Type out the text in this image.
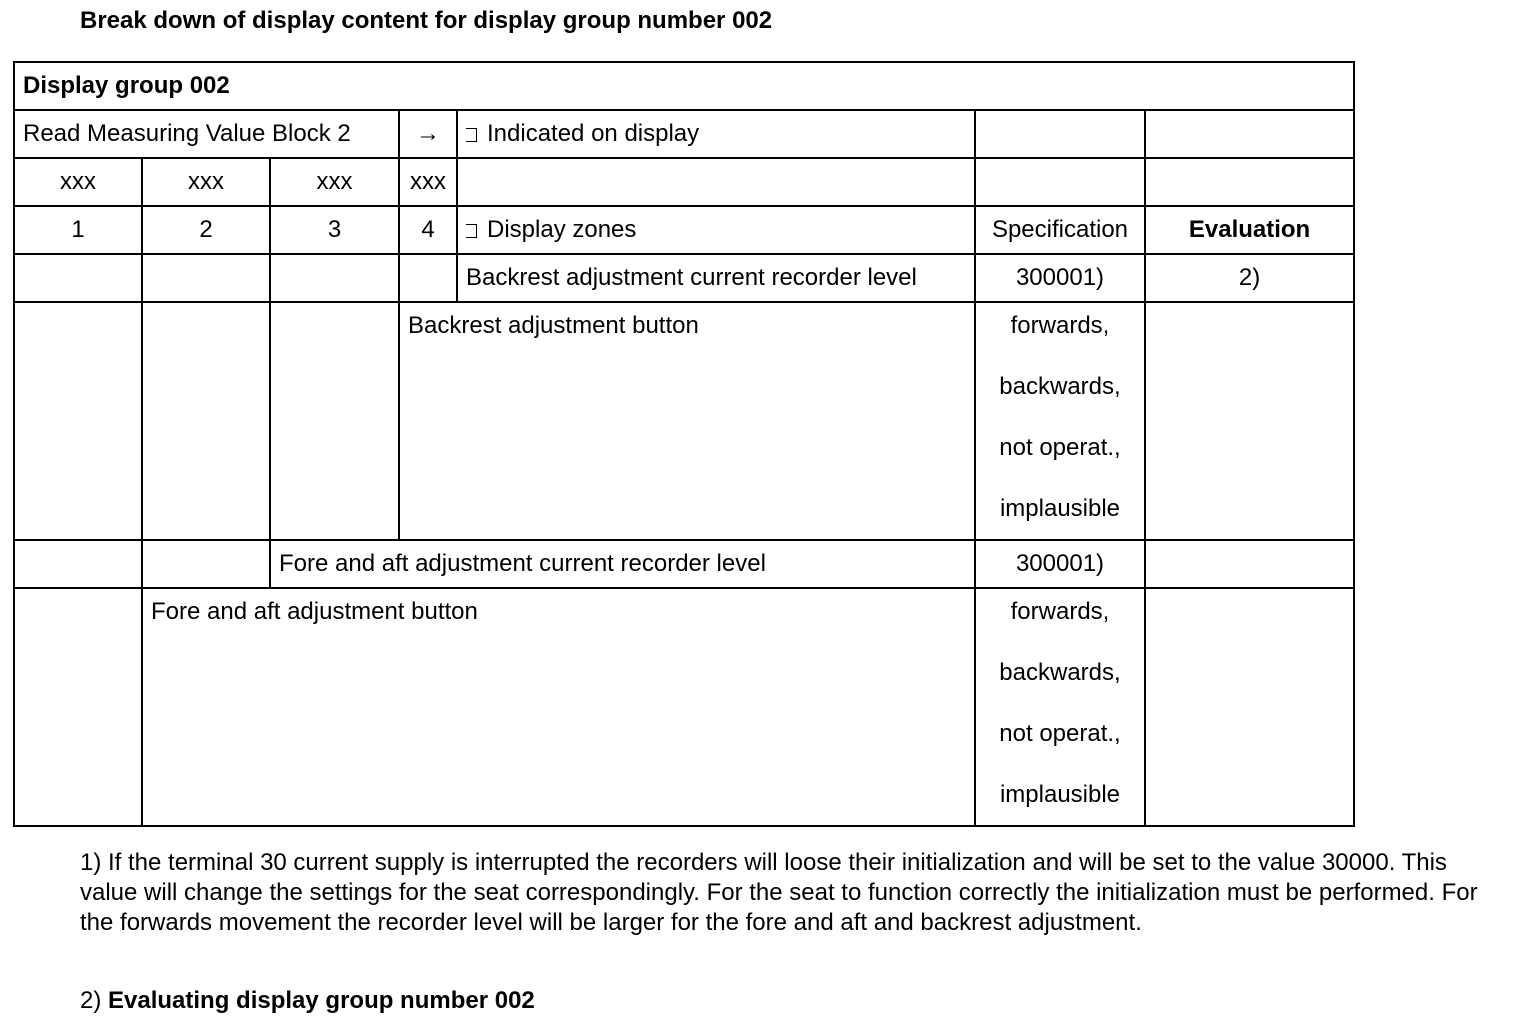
Break down of display content for display group number 002
Display group 002						
Read Measuring Value Block 2			→	Indicated on display		
xxx	xxx	xxx	xxx			
1	2	3	4	Display zones	Specification	Evaluation
				Backrest adjustment current recorder level	300001)	2)
			Backrest adjustment button		forwards,
backwards,
not operat.,
implausible	

		Fore and aft adjustment current recorder level			300001)	
	Fore and aft adjustment button				forwards,
backwards,
not operat.,
implausible	

1) If the terminal 30 current supply is interrupted the recorders will loose their initialization and will be set to the value 30000. This value will change the settings for the seat correspondingly. For the seat to function correctly the initialization must be performed. For the forwards movement the recorder level will be larger for the fore and aft and backrest adjustment.

2) Evaluating display group number 002
